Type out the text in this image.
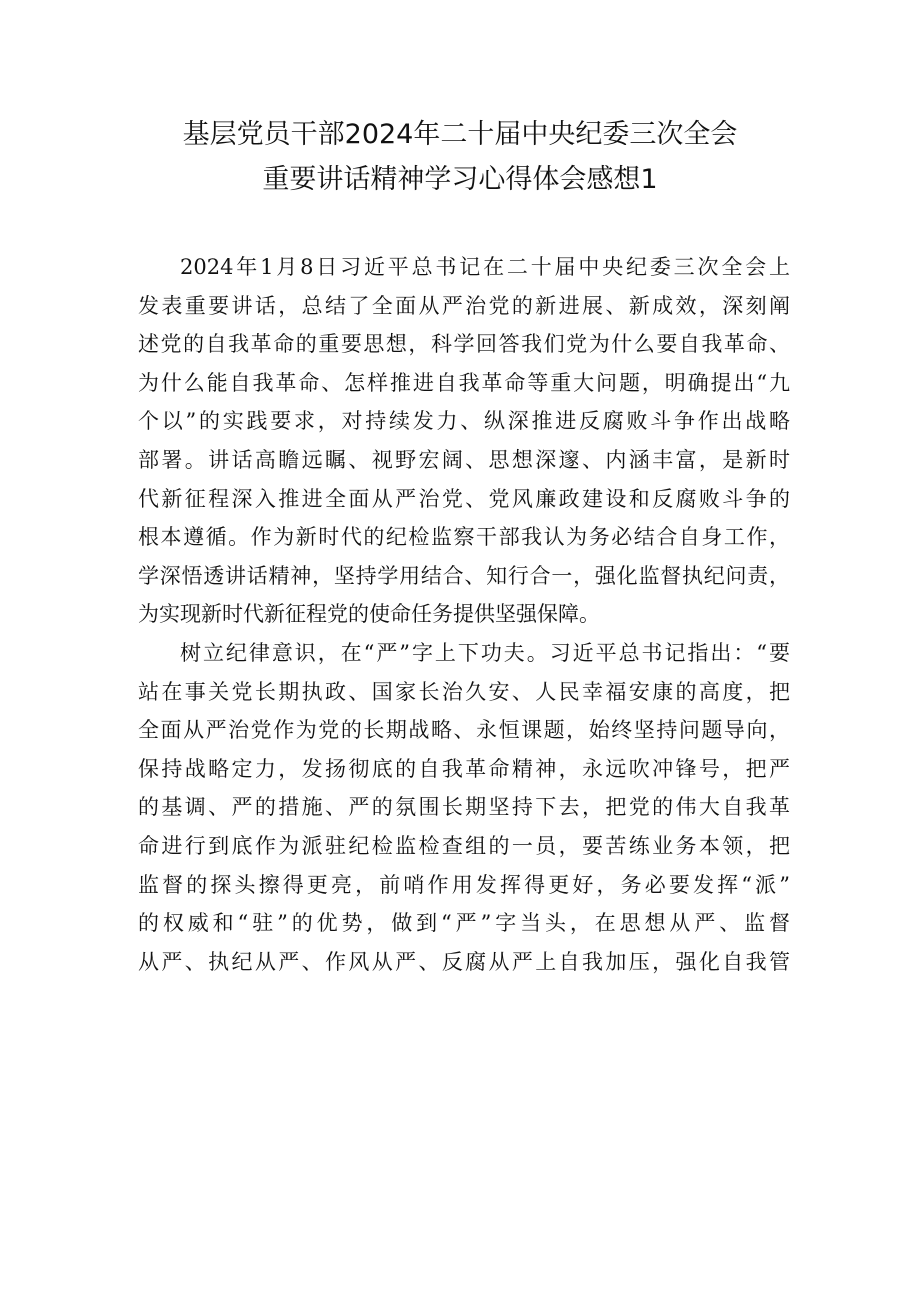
基层党员干部2024年二十届中央纪委三次全会
重要讲话精神学习心得体会感想1
2024年1月8日习近平总书记在二十届中央纪委三次全会上
发表重要讲话，总结了全面从严治党的新进展、新成效，深刻阐
述党的自我革命的重要思想，科学回答我们党为什么要自我革命、
为什么能自我革命、怎样推进自我革命等重大问题，明确提出“九
个以”的实践要求，对持续发力、纵深推进反腐败斗争作出战略
部署。讲话高瞻远瞩、视野宏阔、思想深邃、内涵丰富，是新时
代新征程深入推进全面从严治党、党风廉政建设和反腐败斗争的
根本遵循。作为新时代的纪检监察干部我认为务必结合自身工作，
学深悟透讲话精神，坚持学用结合、知行合一，强化监督执纪问责，
为实现新时代新征程党的使命任务提供坚强保障。
树立纪律意识，在“严”字上下功夫。习近平总书记指出：“要
站在事关党长期执政、国家长治久安、人民幸福安康的高度，把
全面从严治党作为党的长期战略、永恒课题，始终坚持问题导向，
保持战略定力，发扬彻底的自我革命精神，永远吹冲锋号，把严
的基调、严的措施、严的氛围长期坚持下去，把党的伟大自我革
命进行到底作为派驻纪检监检查组的一员，要苦练业务本领，把
监督的探头擦得更亮，前哨作用发挥得更好，务必要发挥“派”
的权威和“驻”的优势，做到“严”字当头，在思想从严、监督
从严、执纪从严、作风从严、反腐从严上自我加压，强化自我管
